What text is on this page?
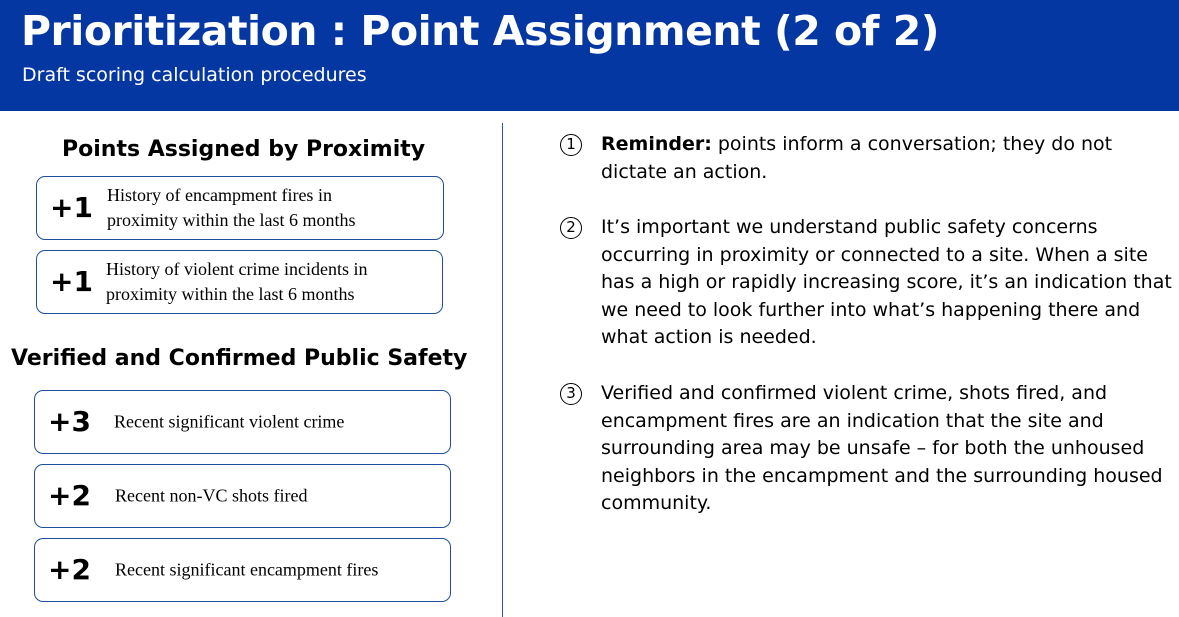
Prioritization : Point Assignment (2 of 2)
Draft scoring calculation procedures
Points Assigned by Proximity
+1 History of encampment fires in
proximity within the last 6 months
+1 History of violent crime incidents in
proximity within the last 6 months
Verified and Confirmed Public Safety
+3 Recent significant violent crime
+2 Recent non-VC shots fired
+2 Recent significant encampment fires
1	Reminder: points inform a conversation; they do not dictate an action.
2	It’s important we understand public safety concerns occurring in proximity or connected to a site. When a site has a high or rapidly increasing score, it’s an indication that we need to look further into what’s happening there and what action is needed.
3	Verified and confirmed violent crime, shots fired, and encampment fires are an indication that the site and surrounding area may be unsafe – for both the unhoused neighbors in the encampment and the surrounding housed community.
